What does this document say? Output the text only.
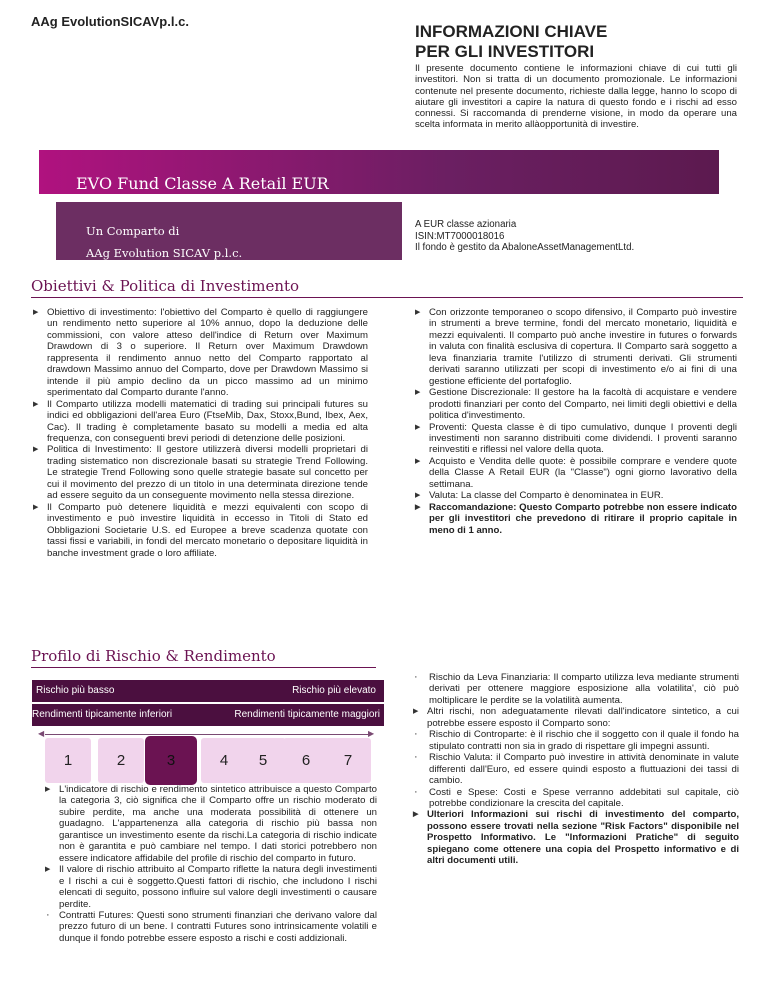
AAg EvolutionSICAVp.l.c.
INFORMAZIONI CHIAVE
PER GLI INVESTITORI
Il presente documento contiene le informazioni chiave di cui tutti gli investitori. Non si tratta di un documento promozionale. Le informazioni contenute nel presente documento, richieste dalla legge, hanno lo scopo di aiutare gli investitori a capire la natura di questo fondo e i rischi ad esso connessi. Si raccomanda di prenderne visione, in modo da operare una scelta informata in merito allàopportunità di investire.
EVO Fund Classe A Retail EUR
Un Comparto di
AAg Evolution SICAV p.l.c.
A EUR classe azionaria
ISIN:MT7000018016
Il fondo è gestito da AbaloneAssetManagementLtd.
Obiettivi & Politica di Investimento
▶ Obiettivo di investimento: l'obiettivo del Comparto è quello di raggiungere un rendimento netto superiore al 10% annuo, dopo la deduzione delle commissioni, con valore atteso dell'indice di Return over Maximum Drawdown di 3 o superiore. Il Return over Maximum Drawdown rappresenta il rendimento annuo netto del Comparto rapportato al drawdown Massimo annuo del Comparto, dove per Drawdown Massimo si intende il più ampio declino da un picco massimo ad un minimo sperimentato dal Comparto durante l'anno.
▶ Il Comparto utilizza modelli matematici di trading sui principali futures su indici ed obbligazioni dell'area Euro (FtseMib, Dax, Stoxx,Bund, Ibex, Aex, Cac). Il trading è completamente basato su modelli a media ed alta frequenza, con conseguenti brevi periodi di detenzione delle posizioni.
▶ Politica di Investimento: Il gestore utilizzerà diversi modelli proprietari di trading sistematico non discrezionale basati su strategie Trend Following. Le strategie Trend Following sono quelle strategie basate sul concetto per cui il movimento del prezzo di un titolo in una determinata direzione tende ad essere seguito da un conseguente movimento nella stessa direzione.
▶ Il Comparto può detenere liquidità e mezzi equivalenti con scopo di investimento e può investire liquidità in eccesso in Titoli di Stato ed Obbligazioni Societarie U.S. ed Europee a breve scadenza quotate con tassi fissi e variabili, in fondi del mercato monetario o depositare liquidità in banche investment grade o loro affiliate.
▶ Con orizzonte temporaneo o scopo difensivo, il Comparto può investire in strumenti a breve termine, fondi del mercato monetario, liquidità e mezzi equivalenti. Il comparto può anche investire in futures o forwards in valuta con finalità esclusiva di copertura. Il Comparto sarà soggetto a leva finanziaria tramite l'utilizzo di strumenti derivati. Gli strumenti derivati saranno utilizzati per scopi di investimento e/o ai fini di una gestione efficiente del portafoglio.
▶ Gestione Discrezionale: Il gestore ha la facoltà di acquistare e vendere prodotti finanziari per conto del Comparto, nei limiti degli obiettivi e della politica d'investimento.
▶ Proventi: Questa classe è di tipo cumulativo, dunque I proventi degli investimenti non saranno distribuiti come dividendi. I proventi saranno reinvestiti e riflessi nel valore della quota.
▶ Acquisto e Vendita delle quote: è possibile comprare e vendere quote della Classe A Retail EUR (la "Classe") ogni giorno lavorativo della settimana.
▶ Valuta: La classe del Comparto è denominatea in EUR.
▶ Raccomandazione: Questo Comparto potrebbe non essere indicato per gli investitori che prevedono di ritirare il proprio capitale in meno di 1 anno.
Profilo di Rischio & Rendimento
Rischio più basso	Rischio più elevato
Rendimenti tipicamente inferiori	Rendimenti tipicamente maggiori
◀	▶
1	2	3	4	5	6	7
▶ L'indicatore di rischio e rendimento sintetico attribuisce a questo Comparto la categoria 3, ciò significa che il Comparto offre un rischio moderato di subire perdite, ma anche una moderata possibilità di ottenere un guadagno. L'appartenenza alla categoria di rischio più bassa non garantisce un investimento esente da rischi.La categoria di rischio indicate non è garantita e può cambiare nel tempo. I dati storici potrebbero non essere indicatore affidabile del profile di rischio del comparto in futuro.
▶ Il valore di rischio attribuito al Comparto riflette la natura degli investimenti e I rischi a cui è soggetto.Questi fattori di rischio, che includono I rischi elencati di seguito, possono influire sul valore degli investimenti o causare perdite.
· Contratti Futures: Questi sono strumenti finanziari che derivano valore dal prezzo futuro di un bene. I contratti Futures sono intrinsicamente volatili e dunque il fondo potrebbe essere esposto a rischi e costi addizionali.
· Rischio da Leva Finanziaria: Il comparto utilizza leva mediante strumenti derivati per ottenere maggiore esposizione alla volatilita', ciò può moltiplicare le perdite se la volatilità aumenta.
▶ Altri rischi, non adeguatamente rilevati dall'indicatore sintetico, a cui potrebbe essere esposto il Comparto sono:
· Rischio di Controparte: è il rischio che il soggetto con il quale il fondo ha stipulato contratti non sia in grado di rispettare gli impegni assunti.
· Rischio Valuta: il Comparto può investire in attività denominate in valute differenti dall'Euro, ed essere quindi esposto a fluttuazioni dei tassi di cambio.
· Costi e Spese: Costi e Spese verranno addebitati sul capitale, ciò potrebbe condizionare la crescita del capitale.
▶ Ulteriori Informazioni sui rischi di investimento del comparto, possono essere trovati nella sezione "Risk Factors" disponibile nel Prospetto Informativo. Le "Informazioni Pratiche" di seguito spiegano come ottenere una copia del Prospetto informativo e di altri documenti utili.
